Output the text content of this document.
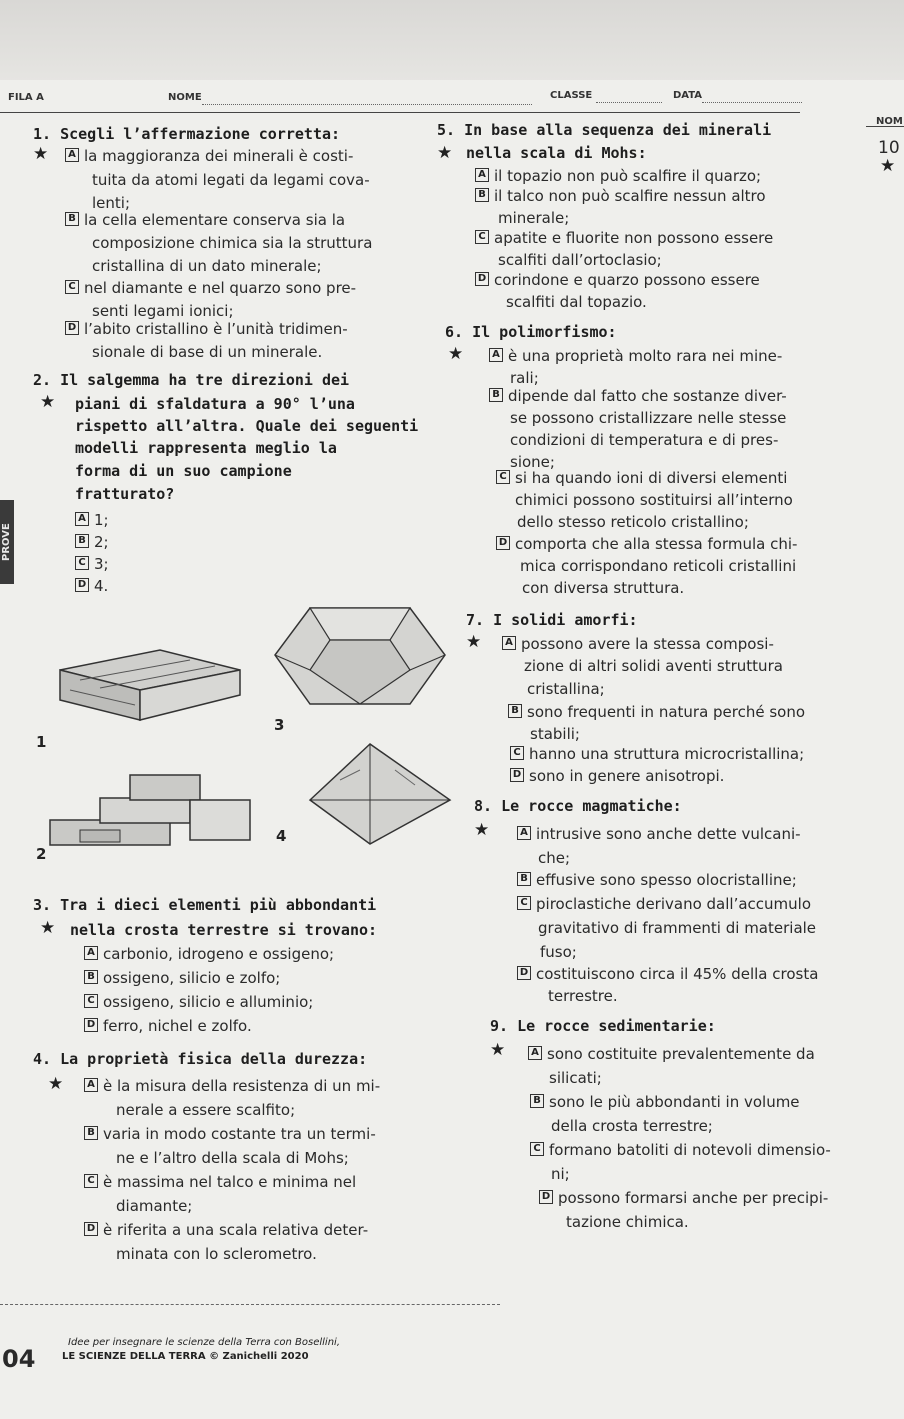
FILA A	NOME	CLASSE	DATA
NOM
10
★
1. Scegli l’affermazione corretta:
★	A la maggioranza dei minerali è costi-
tuita da atomi legati da legami cova-
lenti;
B la cella elementare conserva sia la
composizione chimica sia la struttura
cristallina di un dato minerale;
C nel diamante e nel quarzo sono pre-
senti legami ionici;
D l’abito cristallino è l’unità tridimen-
sionale di base di un minerale.
2. Il salgemma ha tre direzioni dei
★ piani di sfaldatura a 90° l’una
rispetto all’altra. Quale dei seguenti
modelli rappresenta meglio la
forma di un suo campione
fratturato?
A 1;
B 2;
C 3;
D 4.
PROVE
1
3
2
4
3. Tra i dieci elementi più abbondanti
★ nella crosta terrestre si trovano:
A carbonio, idrogeno e ossigeno;
B ossigeno, silicio e zolfo;
C ossigeno, silicio e alluminio;
D ferro, nichel e zolfo.
4. La proprietà fisica della durezza:
★	A è la misura della resistenza di un mi-
nerale a essere scalfito;
B varia in modo costante tra un termi-
ne e l’altro della scala di Mohs;
C è massima nel talco e minima nel
diamante;
D è riferita a una scala relativa deter-
minata con lo sclerometro.
5. In base alla sequenza dei minerali
★ nella scala di Mohs:
A il topazio non può scalfire il quarzo;
B il talco non può scalfire nessun altro
minerale;
C apatite e fluorite non possono essere
scalfiti dall’ortoclasio;
D corindone e quarzo possono essere
scalfiti dal topazio.
6. Il polimorfismo:
★	A è una proprietà molto rara nei mine-
rali;
B dipende dal fatto che sostanze diver-
se possono cristallizzare nelle stesse
condizioni di temperatura e di pres-
sione;
C si ha quando ioni di diversi elementi
chimici possono sostituirsi all’interno
dello stesso reticolo cristallino;
D comporta che alla stessa formula chi-
mica corrispondano reticoli cristallini
con diversa struttura.
7. I solidi amorfi:
★	A possono avere la stessa composi-
zione di altri solidi aventi struttura
cristallina;
B sono frequenti in natura perché sono
stabili;
C hanno una struttura microcristallina;
D sono in genere anisotropi.
8. Le rocce magmatiche:
★	A intrusive sono anche dette vulcani-
che;
B effusive sono spesso olocristalline;
C piroclastiche derivano dall’accumulo
gravitativo di frammenti di materiale
fuso;
D costituiscono circa il 45% della crosta
terrestre.
9. Le rocce sedimentarie:
★	A sono costituite prevalentemente da
silicati;
B sono le più abbondanti in volume
della crosta terrestre;
C formano batoliti di notevoli dimensio-
ni;
D possono formarsi anche per precipi-
tazione chimica.
04
Idee per insegnare le scienze della Terra con Bosellini,
LE SCIENZE DELLA TERRA © Zanichelli 2020
